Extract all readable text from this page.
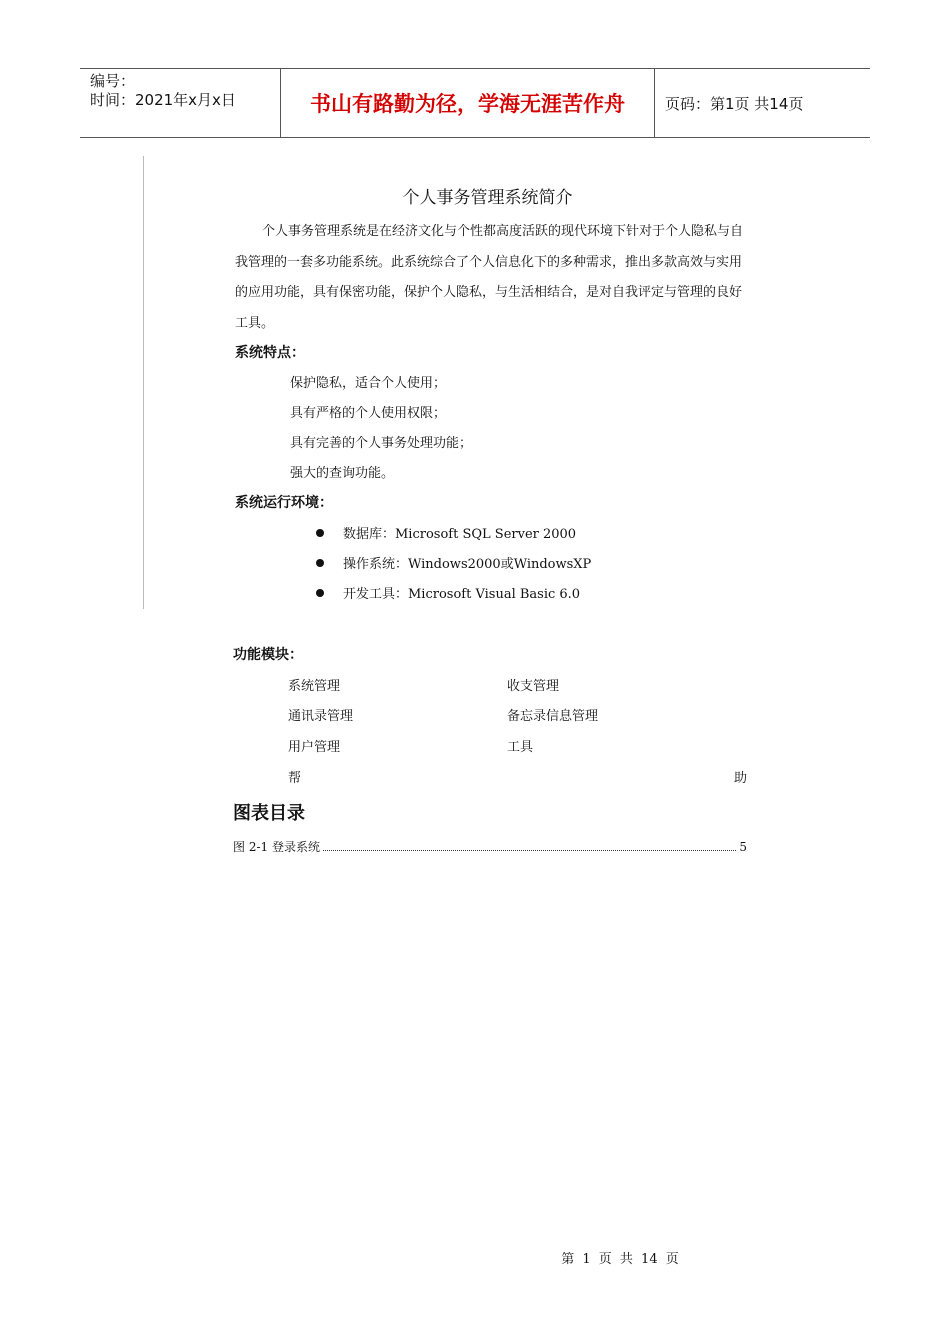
编号：
时间：2021年x月x日	书山有路勤为径，学海无涯苦作舟	页码：第1页 共14页
个人事务管理系统简介
个人事务管理系统是在经济文化与个性都高度活跃的现代环境下针对于个人隐私与自我管理的一套多功能系统。此系统综合了个人信息化下的多种需求，推出多款高效与实用的应用功能，具有保密功能，保护个人隐私，与生活相结合，是对自我评定与管理的良好工具。
系统特点：
保护隐私，适合个人使用；
具有严格的个人使用权限；
具有完善的个人事务处理功能；
强大的查询功能。
系统运行环境：
数据库：Microsoft SQL Server 2000
操作系统：Windows2000或WindowsXP
开发工具：Microsoft Visual Basic 6.0
功能模块：
系统管理	收支管理
通讯录管理	备忘录信息管理
用户管理	工具
帮	助
图表目录
图 2-1 登录系统	5
第 1 页 共 14 页
